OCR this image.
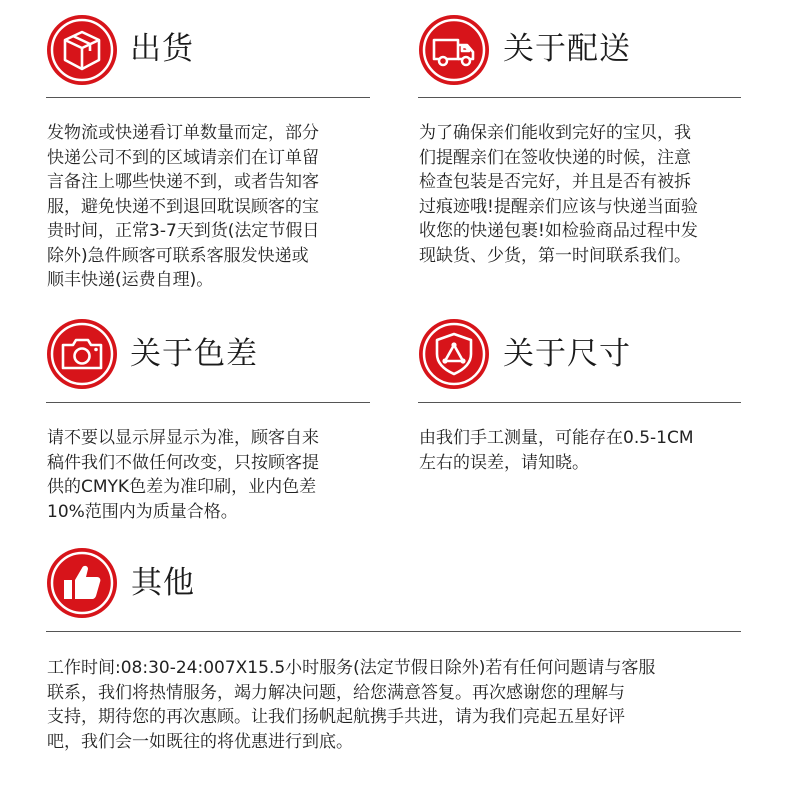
出货
发物流或快递看订单数量而定，部分
快递公司不到的区域请亲们在订单留
言备注上哪些快递不到，或者告知客
服，避免快递不到退回耽误顾客的宝
贵时间，正常3-7天到货(法定节假日
除外)急件顾客可联系客服发快递或
顺丰快递(运费自理)。
关于配送
为了确保亲们能收到完好的宝贝，我
们提醒亲们在签收快递的时候，注意
检查包装是否完好，并且是否有被拆
过痕迹哦!提醒亲们应该与快递当面验
收您的快递包裹!如检验商品过程中发
现缺货、少货，第一时间联系我们。
关于色差
请不要以显示屏显示为准，顾客自来
稿件我们不做任何改变，只按顾客提
供的CMYK色差为准印刷，业内色差
10%范围内为质量合格。
关于尺寸
由我们手工测量，可能存在0.5-1CM
左右的误差，请知晓。
其他
工作时间:08:30-24:007X15.5小时服务(法定节假日除外)若有任何问题请与客服
联系，我们将热情服务，竭力解决问题，给您满意答复。再次感谢您的理解与
支持，期待您的再次惠顾。让我们扬帆起航携手共进，请为我们亮起五星好评
吧，我们会一如既往的将优惠进行到底。
